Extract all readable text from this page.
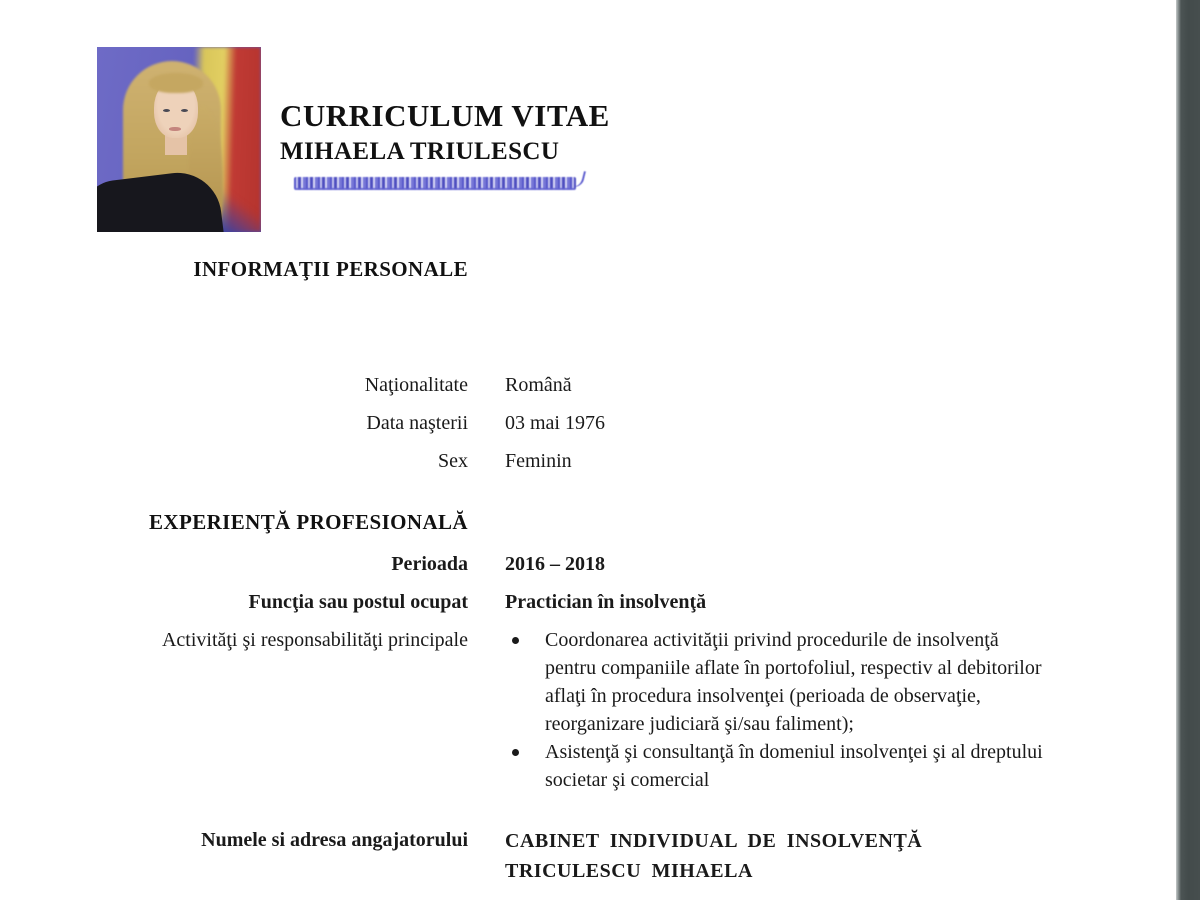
CURRICULUM VITAE
MIHAELA TRIULESCU
INFORMAŢII PERSONALE
Naţionalitate Română
Data naşterii 03 mai 1976
Sex Feminin
EXPERIENŢĂ PROFESIONALĂ
Perioada 2016 – 2018
Funcţia sau postul ocupat Practician în insolvenţă
Activităţi şi responsabilităţi principale	Coordonarea activităţii privind procedurile de insolvenţă pentru companiile aflate în portofoliul, respectiv al debitorilor aflaţi în procedura insolvenţei (perioada de observaţie, reorganizare judiciară şi/sau faliment);
Asistenţă şi consultanţă în domeniul insolvenţei şi al dreptului societar şi comercial
Numele si adresa angajatorului CABINET INDIVIDUAL DE INSOLVENŢĂ
TRICULESCU MIHAELA
